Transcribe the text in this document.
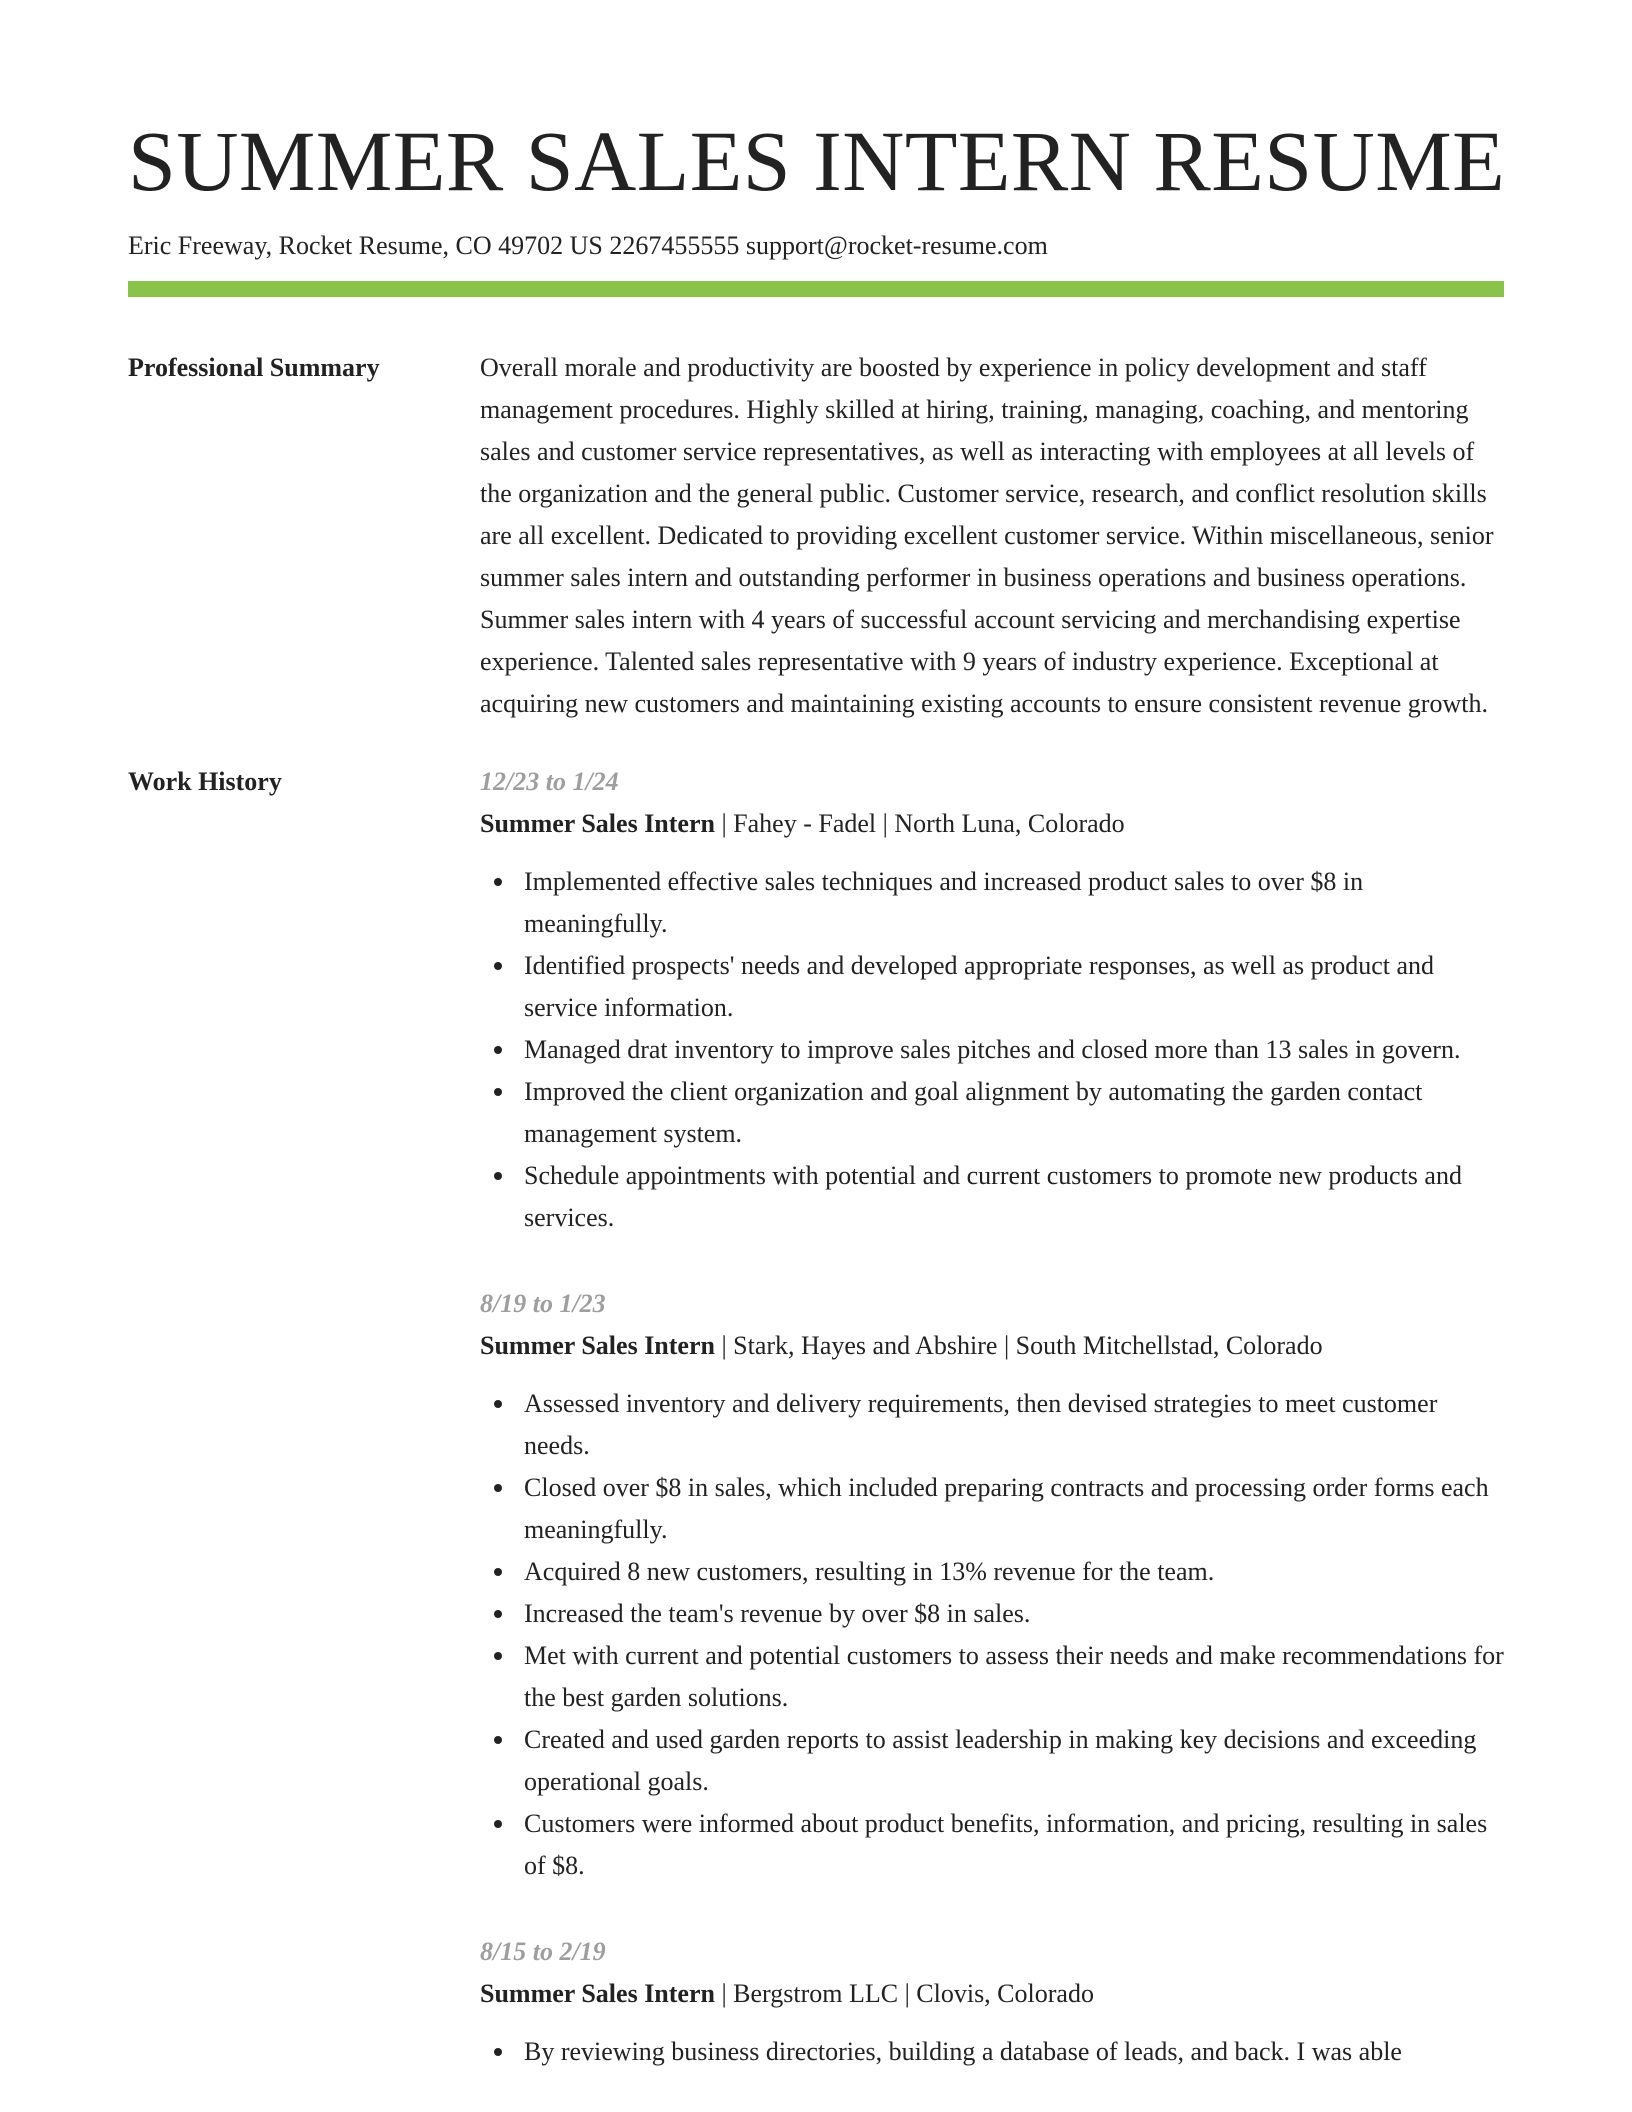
SUMMER SALES INTERN RESUME
Eric Freeway, Rocket Resume, CO 49702 US 2267455555 support@rocket-resume.com
Professional Summary	Overall morale and productivity are boosted by experience in policy development and staff management procedures. Highly skilled at hiring, training, managing, coaching, and mentoring sales and customer service representatives, as well as interacting with employees at all levels of the organization and the general public. Customer service, research, and conflict resolution skills are all excellent. Dedicated to providing excellent customer service. Within miscellaneous, senior summer sales intern and outstanding performer in business operations and business operations. Summer sales intern with 4 years of successful account servicing and merchandising expertise experience. Talented sales representative with 9 years of industry experience. Exceptional at acquiring new customers and maintaining existing accounts to ensure consistent revenue growth.

Work History	12/23 to 1/24
Summer Sales Intern | Fahey - Fadel | North Luna, Colorado
Implemented effective sales techniques and increased product sales to over $8 in meaningfully.
Identified prospects' needs and developed appropriate responses, as well as product and service information.
Managed drat inventory to improve sales pitches and closed more than 13 sales in govern.
Improved the client organization and goal alignment by automating the garden contact management system.
Schedule appointments with potential and current customers to promote new products and services.
8/19 to 1/23
Summer Sales Intern | Stark, Hayes and Abshire | South Mitchellstad, Colorado
Assessed inventory and delivery requirements, then devised strategies to meet customer needs.
Closed over $8 in sales, which included preparing contracts and processing order forms each meaningfully.
Acquired 8 new customers, resulting in 13% revenue for the team.
Increased the team's revenue by over $8 in sales.
Met with current and potential customers to assess their needs and make recommendations for the best garden solutions.
Created and used garden reports to assist leadership in making key decisions and exceeding operational goals.
Customers were informed about product benefits, information, and pricing, resulting in sales of $8.
8/15 to 2/19
Summer Sales Intern | Bergstrom LLC | Clovis, Colorado
By reviewing business directories, building a database of leads, and back. I was able
